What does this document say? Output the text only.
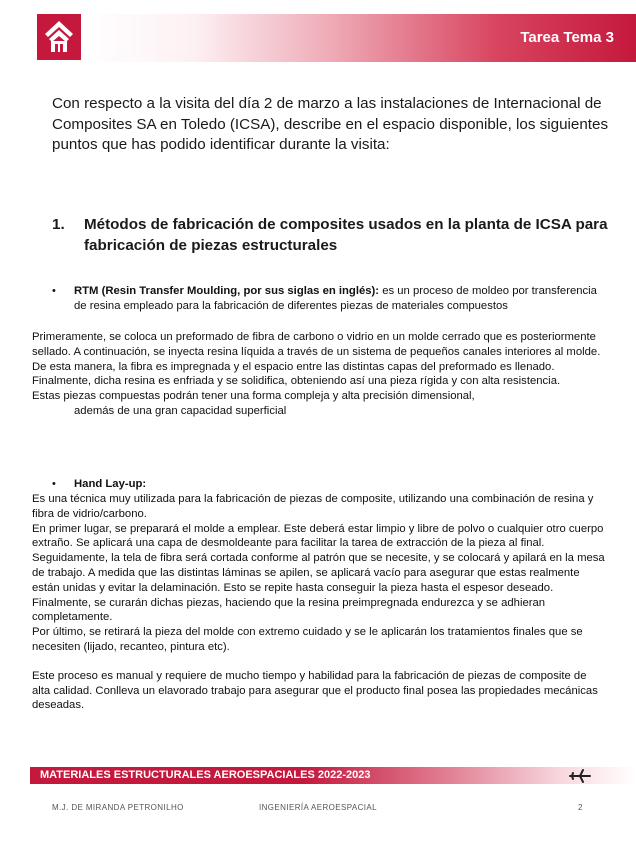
Tarea Tema 3
Con respecto a la visita del día 2 de marzo a las instalaciones de Internacional de Composites SA en Toledo (ICSA), describe en el espacio disponible, los siguientes puntos que has podido identificar durante la visita:
1. Métodos de fabricación de composites usados en la planta de ICSA para fabricación de piezas estructurales
• RTM (Resin Transfer Moulding, por sus siglas en inglés): es un proceso de moldeo por transferencia de resina empleado para la fabricación de diferentes piezas de materiales compuestos

Primeramente, se coloca un preformado de fibra de carbono o vidrio en un molde cerrado que es posteriormente sellado. A continuación, se inyecta resina líquida a través de un sistema de pequeños canales interiores al molde. De esta manera, la fibra es impregnada y el espacio entre las distintas capas del preformado es llenado. Finalmente, dicha resina es enfriada y se solidifica, obteniendo así una pieza rígida y con alta resistencia.

Estas piezas compuestas podrán tener una forma compleja y alta precisión dimensional,

además de una gran capacidad superficial

• Hand Lay-up:

Es una técnica muy utilizada para la fabricación de piezas de composite, utilizando una combinación de resina y fibra de vidrio/carbono.

En primer lugar, se preparará el molde a emplear. Este deberá estar limpio y libre de polvo o cualquier otro cuerpo extraño. Se aplicará una capa de desmoldeante para facilitar la tarea de extracción de la pieza al final.

Seguidamente, la tela de fibra será cortada conforme al patrón que se necesite, y se colocará y apilará en la mesa de trabajo. A medida que las distintas láminas se apilen, se aplicará vacío para asegurar que estas realmente están unidas y evitar la delaminación. Esto se repite hasta conseguir la pieza hasta el espesor deseado.

Finalmente, se curarán dichas piezas, haciendo que la resina preimpregnada endurezca y se adhieran completamente.

Por último, se retirará la pieza del molde con extremo cuidado y se le aplicarán los tratamientos finales que se necesiten (lijado, recanteo, pintura etc).

Este proceso es manual y requiere de mucho tiempo y habilidad para la fabricación de piezas de composite de alta calidad. Conlleva un elavorado trabajo para asegurar que el producto final posea las propiedades mecánicas deseadas.

MATERIALES ESTRUCTURALES AEROESPACIALES 2022-2023
M.J. DE MIRANDA PETRONILHO	INGENIERÍA AEROESPACIAL	2
